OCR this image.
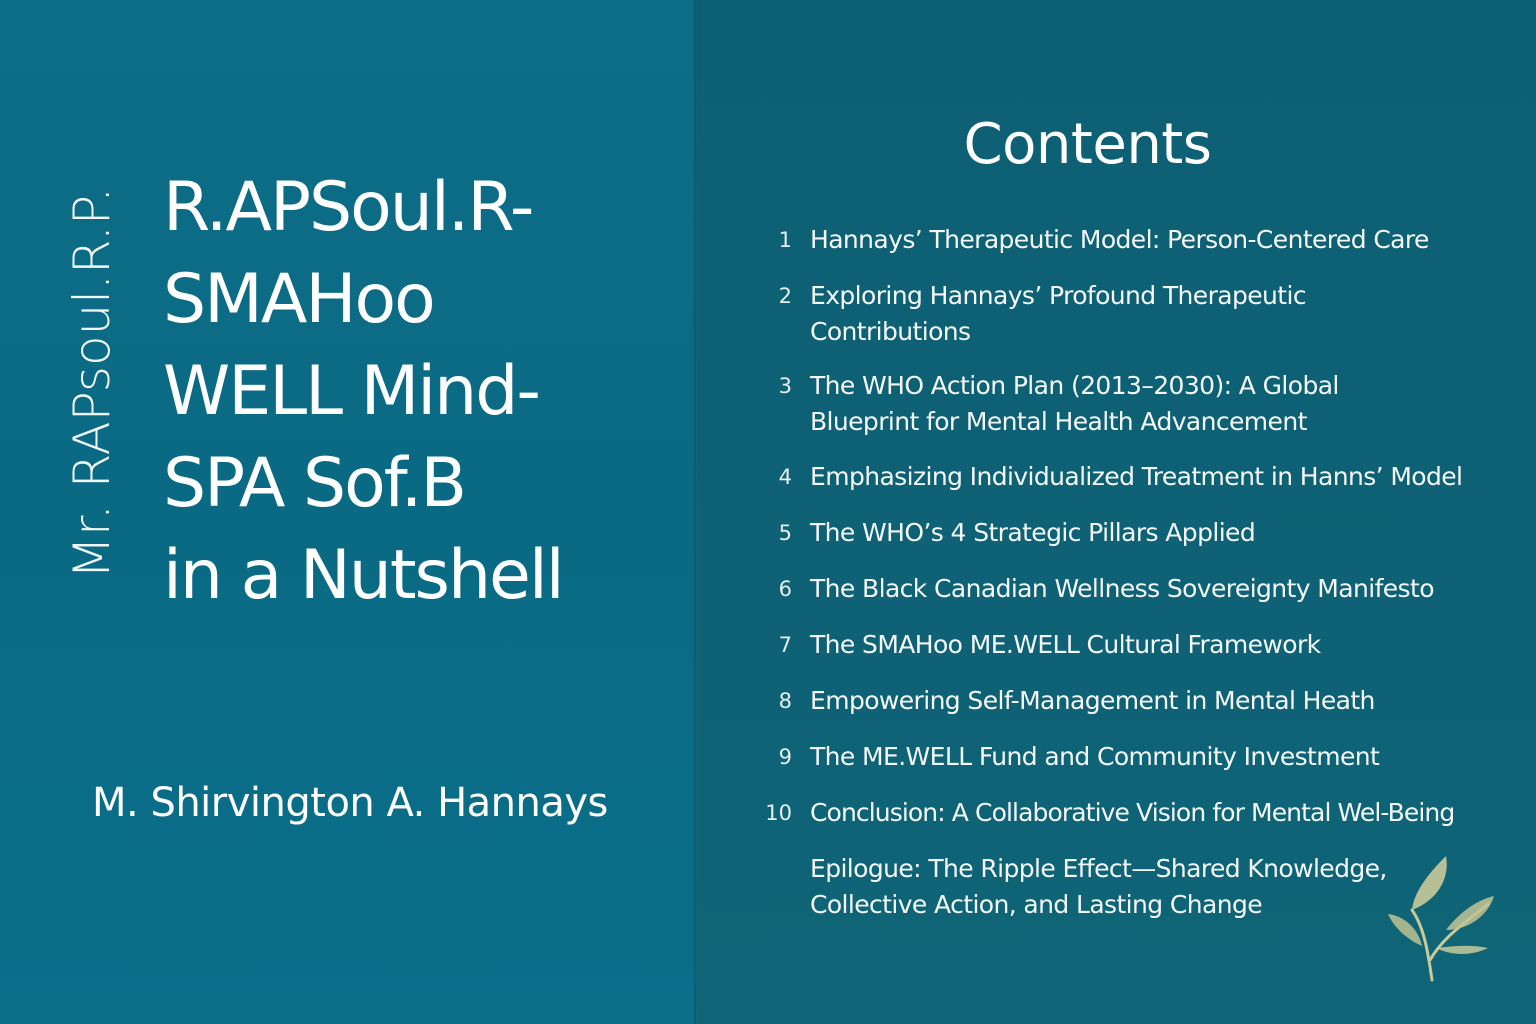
Mr. RAPsoul.R.P. R.APSoul.R-
SMAHoo
WELL Mind-
SPA Sof.B
in a Nutshell
M. Shirvington A. Hannays
Contents
1 Hannays’ Therapeutic Model: Person-Centered Care
2 Exploring Hannays’ Profound Therapeutic Contributions
3 The WHO Action Plan (2013–2030): A Global Blueprint for Mental Health Advancement
4 Emphasizing Individualized Treatment in Hanns’ Model
5 The WHO’s 4 Strategic Pillars Applied
6 The Black Canadian Wellness Sovereignty Manifesto
7 The SMAHoo ME.WELL Cultural Framework
8 Empowering Self-Management in Mental Heath
9 The ME.WELL Fund and Community Investment
10 Conclusion: A Collaborative Vision for Mental Wel-Being
Epilogue: The Ripple Effect—Shared Knowledge, Collective Action, and Lasting Change
